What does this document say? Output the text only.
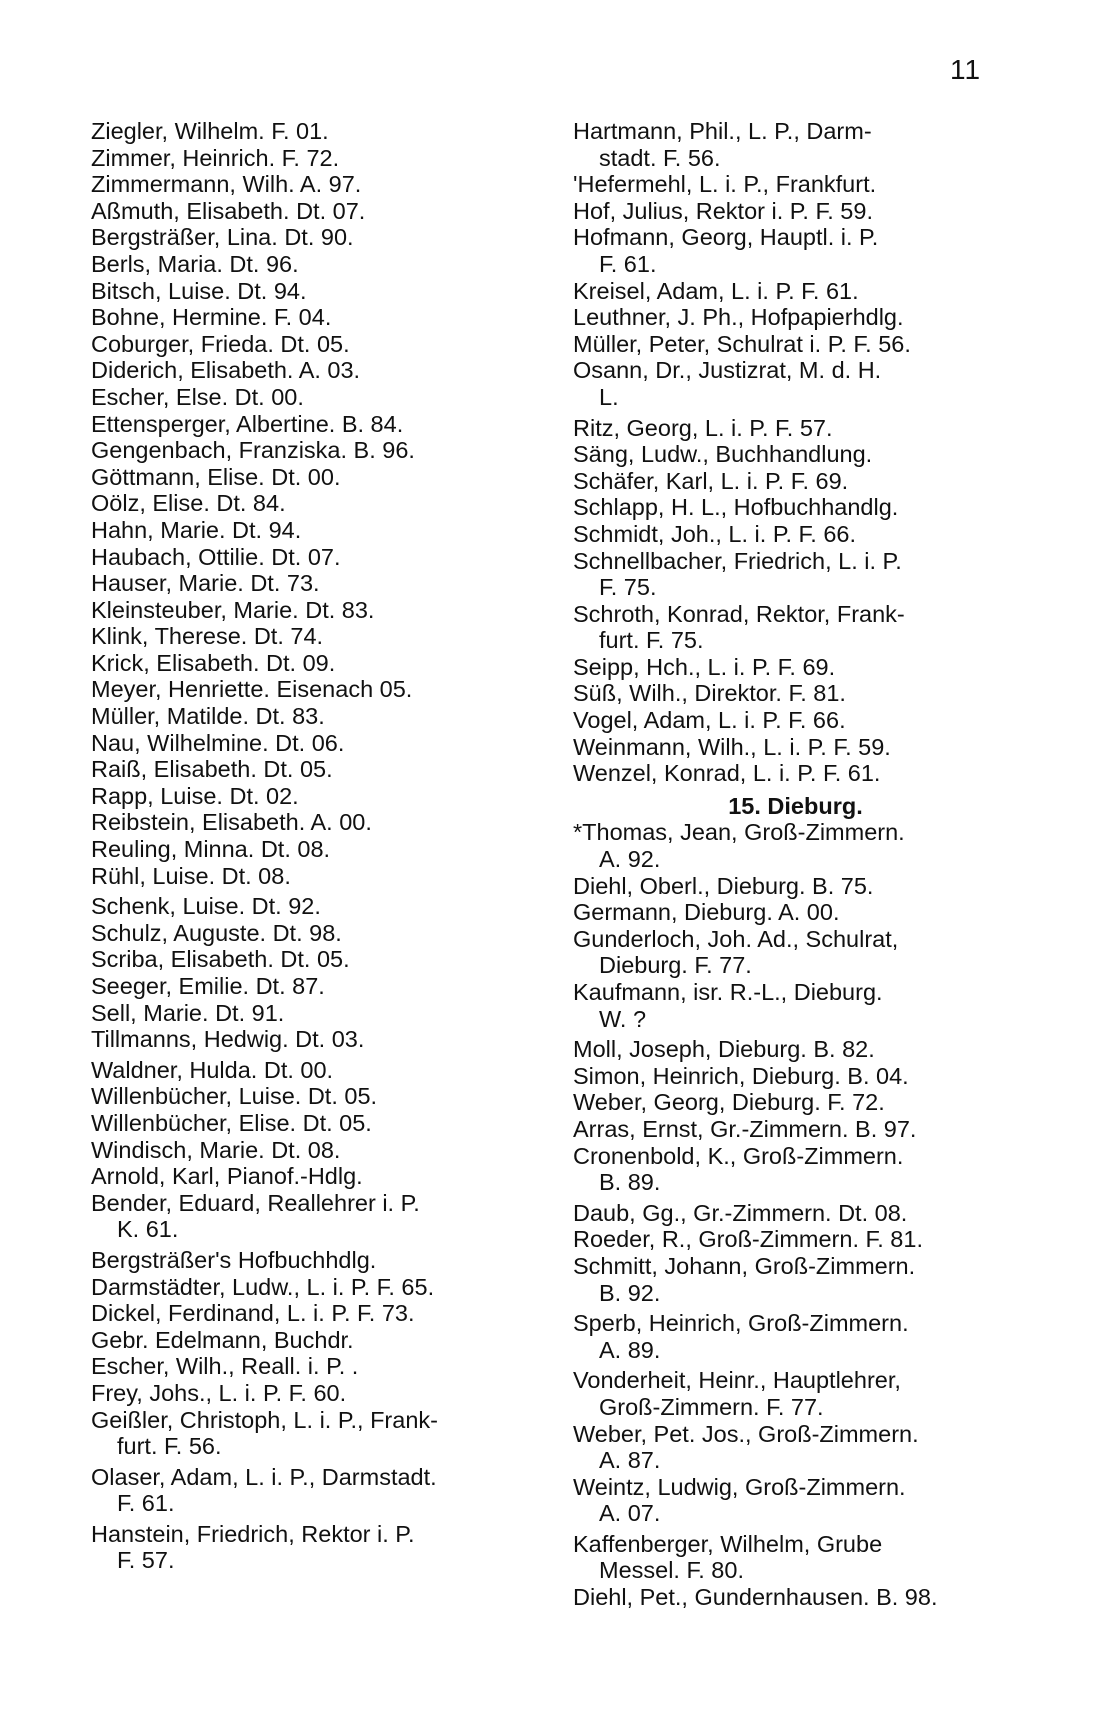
11
Ziegler, Wilhelm. F. 01.
Zimmer, Heinrich. F. 72.
Zimmermann, Wilh. A. 97.
Aßmuth, Elisabeth. Dt. 07.
Bergsträßer, Lina. Dt. 90.
Berls, Maria. Dt. 96.
Bitsch, Luise. Dt. 94.
Bohne, Hermine. F. 04.
Coburger, Frieda. Dt. 05.
Diderich, Elisabeth. A. 03.
Escher, Else. Dt. 00.
Ettensperger, Albertine. B. 84.
Gengenbach, Franziska. B. 96.
Göttmann, Elise. Dt. 00.
Oölz, Elise. Dt. 84.
Hahn, Marie. Dt. 94.
Haubach, Ottilie. Dt. 07.
Hauser, Marie. Dt. 73.
Kleinsteuber, Marie. Dt. 83.
Klink, Therese. Dt. 74.
Krick, Elisabeth. Dt. 09.
Meyer, Henriette. Eisenach 05.
Müller, Matilde. Dt. 83.
Nau, Wilhelmine. Dt. 06.
Raiß, Elisabeth. Dt. 05.
Rapp, Luise. Dt. 02.
Reibstein, Elisabeth. A. 00.
Reuling, Minna. Dt. 08.
Rühl, Luise. Dt. 08.
Schenk, Luise. Dt. 92.
Schulz, Auguste. Dt. 98.
Scriba, Elisabeth. Dt. 05.
Seeger, Emilie. Dt. 87.
Sell, Marie. Dt. 91.
Tillmanns, Hedwig. Dt. 03.
Waldner, Hulda. Dt. 00.
Willenbücher, Luise. Dt. 05.
Willenbücher, Elise. Dt. 05.
Windisch, Marie. Dt. 08.
Arnold, Karl, Pianof.-Hdlg.
Bender, Eduard, Reallehrer i. P.
K. 61.
Bergsträßer's Hofbuchhdlg.
Darmstädter, Ludw., L. i. P. F. 65.
Dickel, Ferdinand, L. i. P. F. 73.
Gebr. Edelmann, Buchdr.
Escher, Wilh., Reall. i. P. .
Frey, Johs., L. i. P. F. 60.
Geißler, Christoph, L. i. P., Frank-
furt. F. 56.
Olaser, Adam, L. i. P., Darmstadt.
F. 61.
Hanstein, Friedrich, Rektor i. P.
F. 57.
Hartmann, Phil., L. P., Darm-
stadt. F. 56.
'Hefermehl, L. i. P., Frankfurt.
Hof, Julius, Rektor i. P. F. 59.
Hofmann, Georg, Hauptl. i. P.
F. 61.
Kreisel, Adam, L. i. P. F. 61.
Leuthner, J. Ph., Hofpapierhdlg.
Müller, Peter, Schulrat i. P. F. 56.
Osann, Dr., Justizrat, M. d. H.
L.
Ritz, Georg, L. i. P. F. 57.
Säng, Ludw., Buchhandlung.
Schäfer, Karl, L. i. P. F. 69.
Schlapp, H. L., Hofbuchhandlg.
Schmidt, Joh., L. i. P. F. 66.
Schnellbacher, Friedrich, L. i. P.
F. 75.
Schroth, Konrad, Rektor, Frank-
furt. F. 75.
Seipp, Hch., L. i. P. F. 69.
Süß, Wilh., Direktor. F. 81.
Vogel, Adam, L. i. P. F. 66.
Weinmann, Wilh., L. i. P. F. 59.
Wenzel, Konrad, L. i. P. F. 61.
15. Dieburg.
*Thomas, Jean, Groß-Zimmern.
A. 92.
Diehl, Oberl., Dieburg. B. 75.
Germann, Dieburg. A. 00.
Gunderloch, Joh. Ad., Schulrat,
Dieburg. F. 77.
Kaufmann, isr. R.-L., Dieburg.
W. ?
Moll, Joseph, Dieburg. B. 82.
Simon, Heinrich, Dieburg. B. 04.
Weber, Georg, Dieburg. F. 72.
Arras, Ernst, Gr.-Zimmern. B. 97.
Cronenbold, K., Groß-Zimmern.
B. 89.
Daub, Gg., Gr.-Zimmern. Dt. 08.
Roeder, R., Groß-Zimmern. F. 81.
Schmitt, Johann, Groß-Zimmern.
B. 92.
Sperb, Heinrich, Groß-Zimmern.
A. 89.
Vonderheit, Heinr., Hauptlehrer,
Groß-Zimmern. F. 77.
Weber, Pet. Jos., Groß-Zimmern.
A. 87.
Weintz, Ludwig, Groß-Zimmern.
A. 07.
Kaffenberger, Wilhelm, Grube
Messel. F. 80.
Diehl, Pet., Gundernhausen. B. 98.
